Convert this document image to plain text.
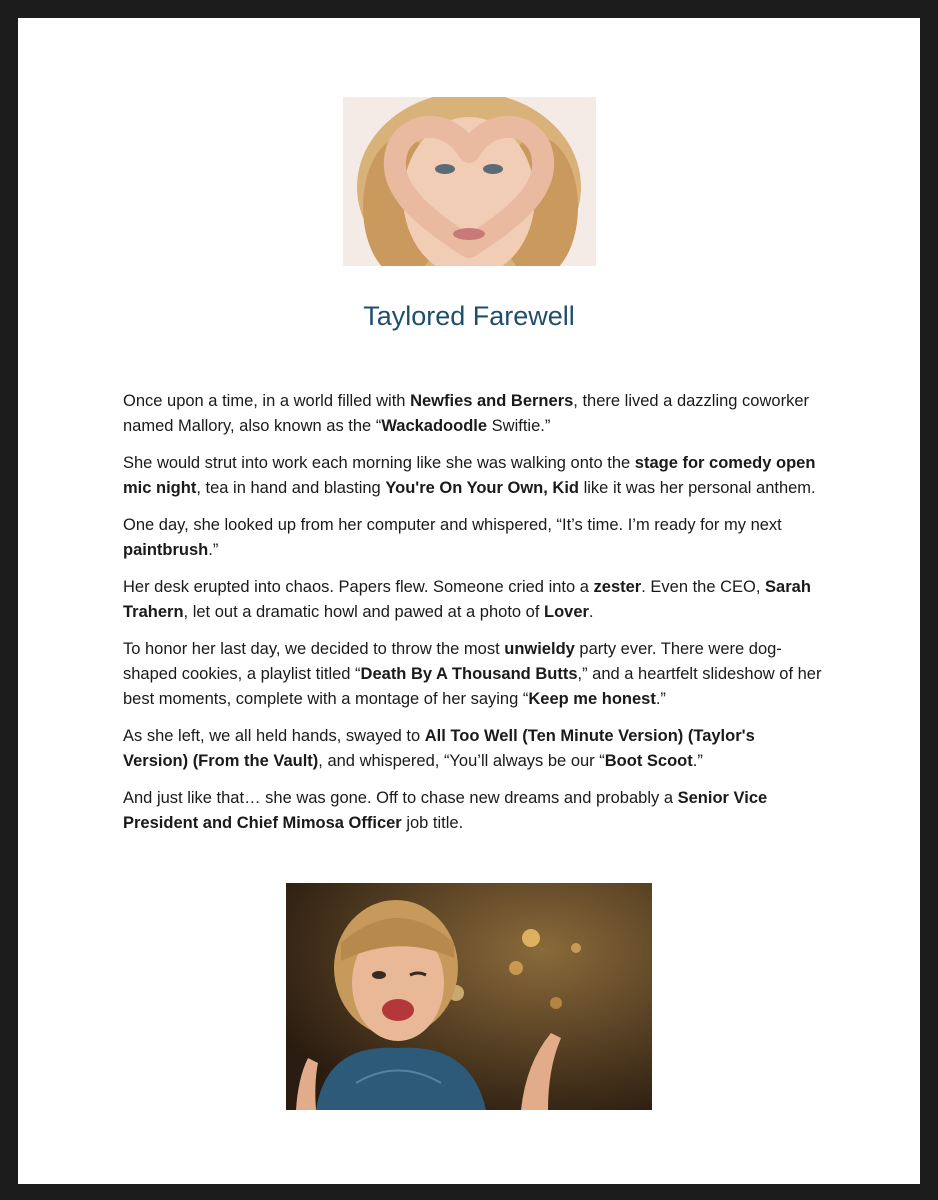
Taylored Farewell

Once upon a time, in a world filled with Newfies and Berners, there lived a dazzling coworker named Mallory, also known as the “Wackadoodle Swiftie.”

She would strut into work each morning like she was walking onto the stage for comedy open mic night, tea in hand and blasting You're On Your Own, Kid like it was her personal anthem.

One day, she looked up from her computer and whispered, “It’s time. I’m ready for my next paintbrush.”

Her desk erupted into chaos. Papers flew. Someone cried into a zester. Even the CEO, Sarah Trahern, let out a dramatic howl and pawed at a photo of Lover.

To honor her last day, we decided to throw the most unwieldy party ever. There were dog-shaped cookies, a playlist titled “Death By A Thousand Butts,” and a heartfelt slideshow of her best moments, complete with a montage of her saying “Keep me honest.”

As she left, we all held hands, swayed to All Too Well (Ten Minute Version) (Taylor's Version) (From the Vault), and whispered, “You’ll always be our “Boot Scoot.”

And just like that… she was gone. Off to chase new dreams and probably a Senior Vice President and Chief Mimosa Officer job title.
